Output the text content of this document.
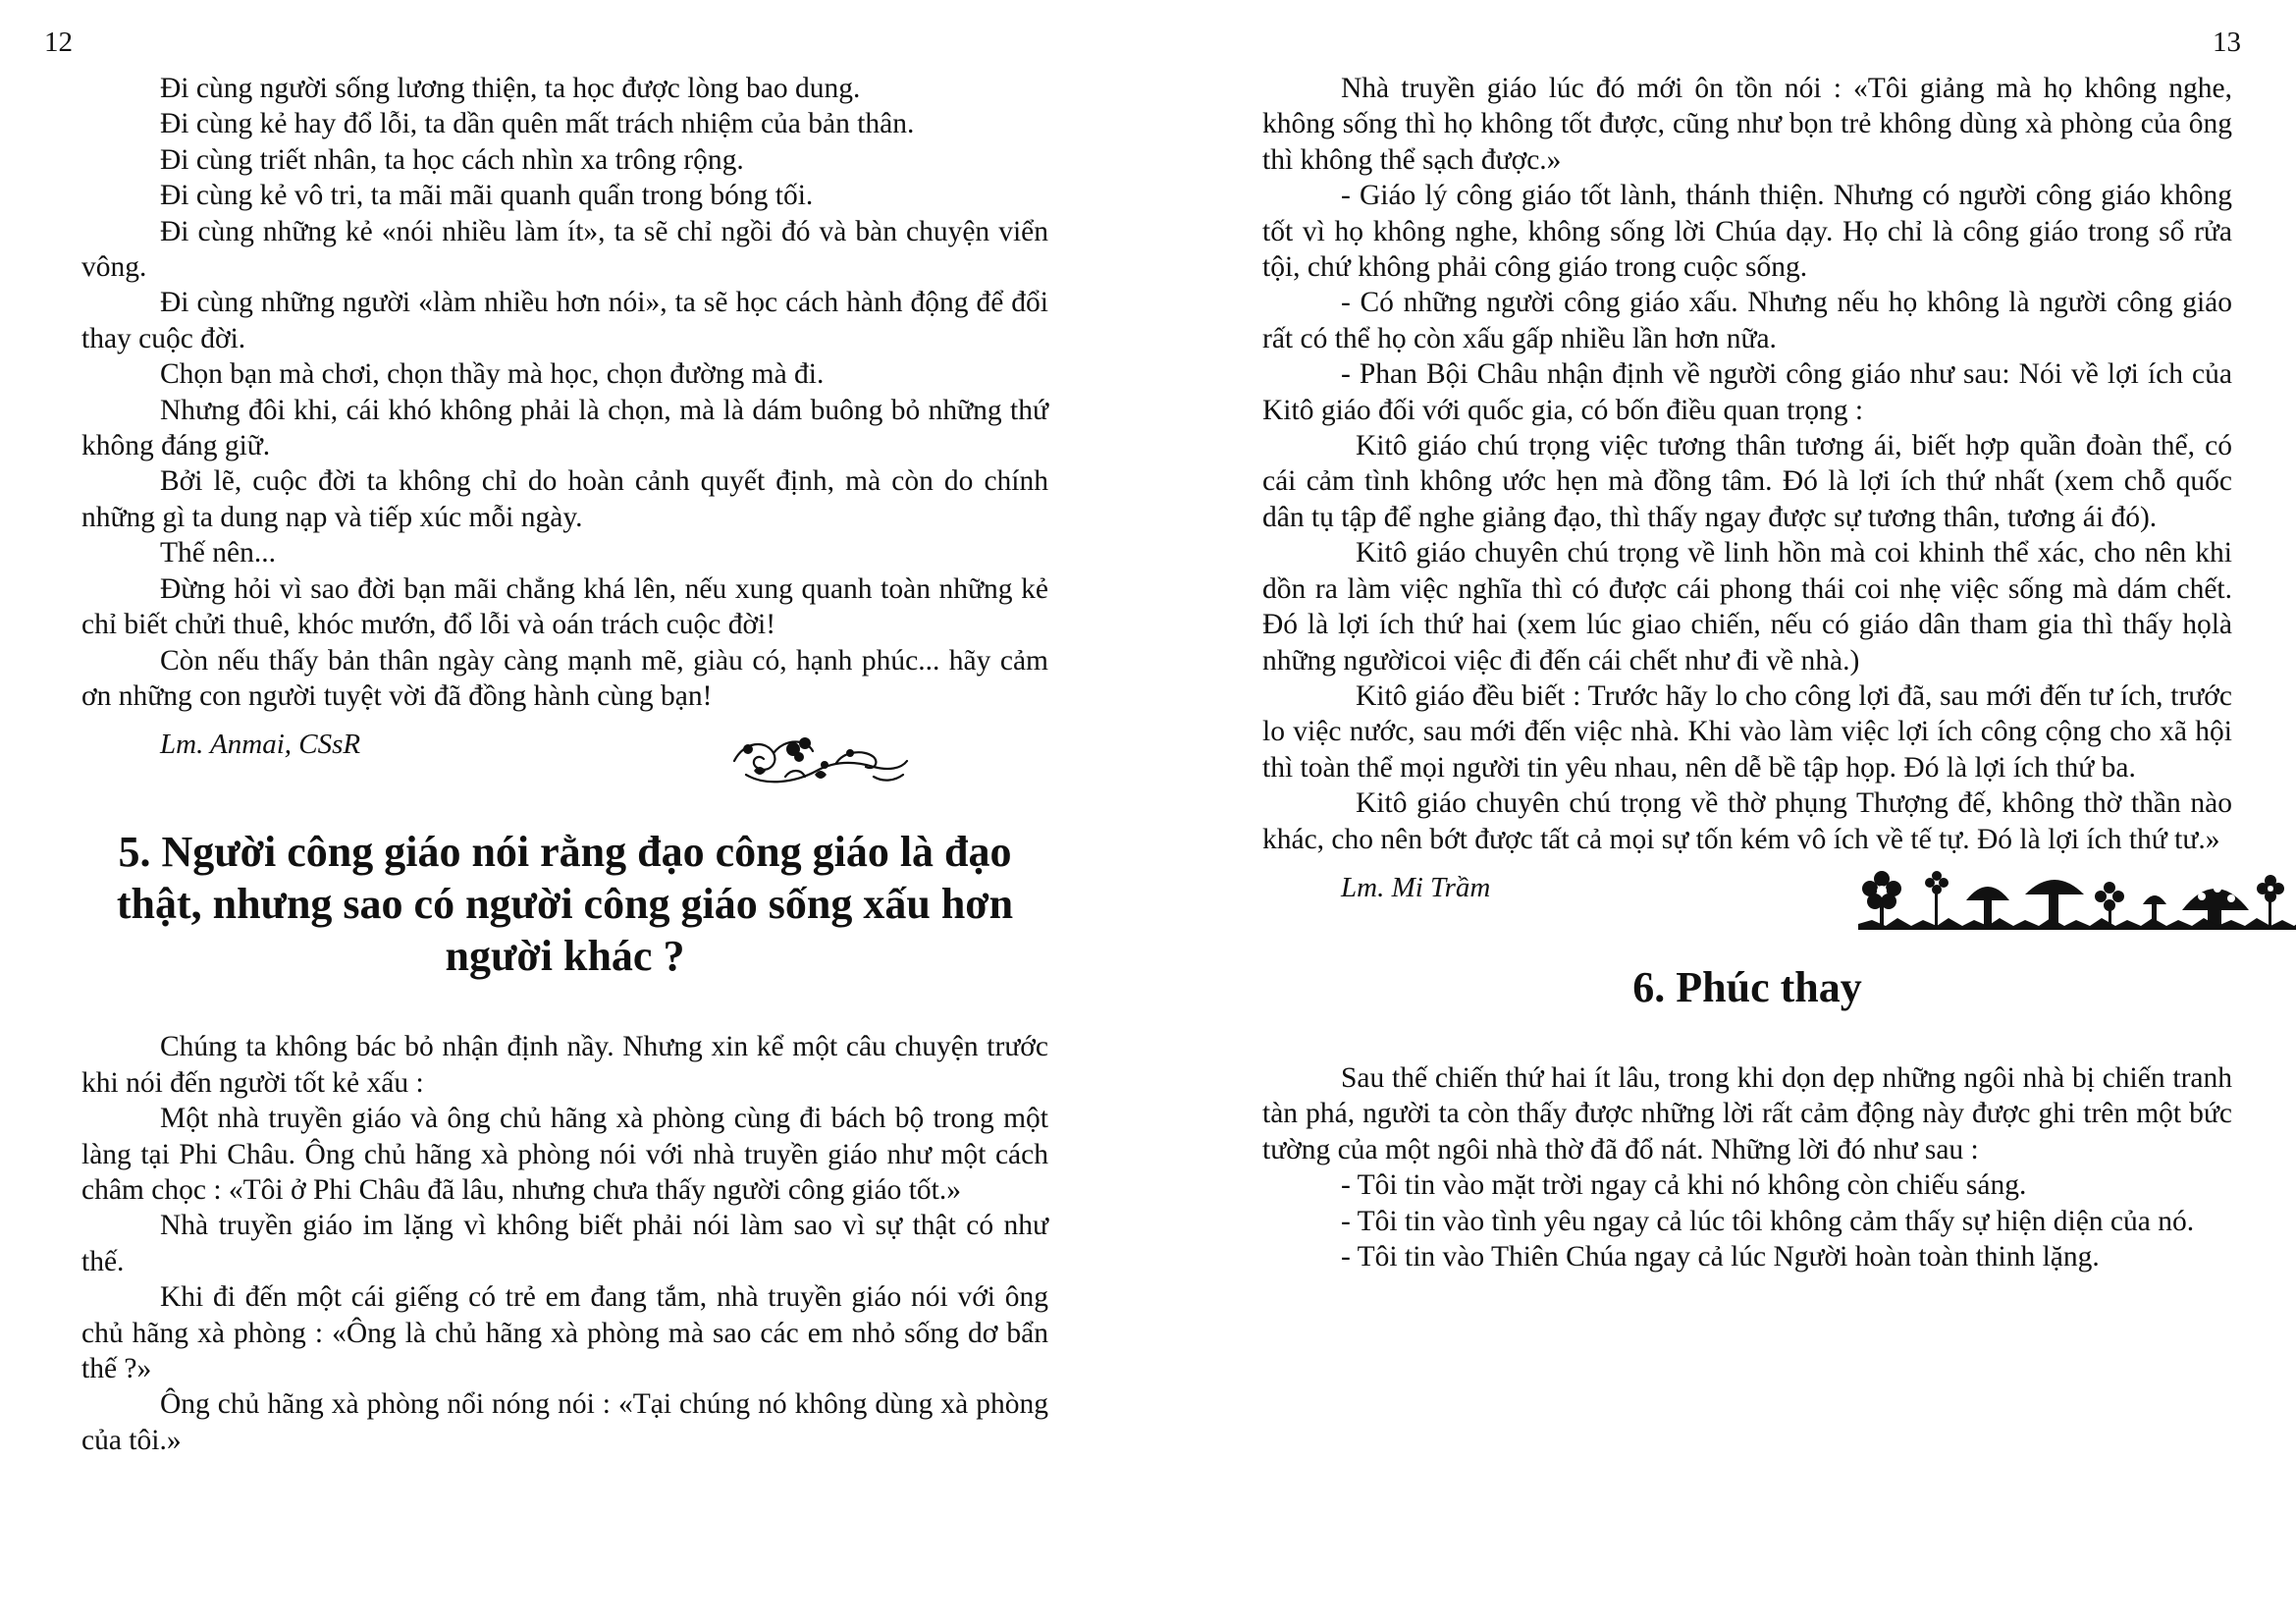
12

Đi cùng người sống lương thiện, ta học được lòng bao dung.

Đi cùng kẻ hay đổ lỗi, ta dần quên mất trách nhiệm của bản thân.

Đi cùng triết nhân, ta học cách nhìn xa trông rộng.

Đi cùng kẻ vô tri, ta mãi mãi quanh quẩn trong bóng tối.

Đi cùng những kẻ «nói nhiều làm ít», ta sẽ chỉ ngồi đó và bàn chuyện viển vông.

Đi cùng những người «làm nhiều hơn nói», ta sẽ học cách hành động để đổi thay cuộc đời.

Chọn bạn mà chơi, chọn thầy mà học, chọn đường mà đi.

Nhưng đôi khi, cái khó không phải là chọn, mà là dám buông bỏ những thứ không đáng giữ.

Bởi lẽ, cuộc đời ta không chỉ do hoàn cảnh quyết định, mà còn do chính những gì ta dung nạp và tiếp xúc mỗi ngày.

Thế nên...

Đừng hỏi vì sao đời bạn mãi chẳng khá lên, nếu xung quanh toàn những kẻ chỉ biết chửi thuê, khóc mướn, đổ lỗi và oán trách cuộc đời!

Còn nếu thấy bản thân ngày càng mạnh mẽ, giàu có, hạnh phúc... hãy cảm ơn những con người tuyệt vời đã đồng hành cùng bạn!

Lm. Anmai, CSsR
5. Người công giáo nói rằng đạo công giáo là đạo thật, nhưng sao có người công giáo sống xấu hơn người khác ?

Chúng ta không bác bỏ nhận định nầy. Nhưng xin kể một câu chuyện trước khi nói đến người tốt kẻ xấu :

Một nhà truyền giáo và ông chủ hãng xà phòng cùng đi bách bộ trong một làng tại Phi Châu. Ông chủ hãng xà phòng nói với nhà truyền giáo như một cách châm chọc : «Tôi ở Phi Châu đã lâu, nhưng chưa thấy người công giáo tốt.»

Nhà truyền giáo im lặng vì không biết phải nói làm sao vì sự thật có như thế.

Khi đi đến một cái giếng có trẻ em đang tắm, nhà truyền giáo nói với ông chủ hãng xà phòng : «Ông là chủ hãng xà phòng mà sao các em nhỏ sống dơ bẩn thế ?»

Ông chủ hãng xà phòng nổi nóng nói : «Tại chúng nó không dùng xà phòng của tôi.»

13

Nhà truyền giáo lúc đó mới ôn tồn nói : «Tôi giảng mà họ không nghe, không sống thì họ không tốt được, cũng như bọn trẻ không dùng xà phòng của ông thì không thể sạch được.»

- Giáo lý công giáo tốt lành, thánh thiện. Nhưng có người công giáo không tốt vì họ không nghe, không sống lời Chúa dạy. Họ chỉ là công giáo trong sổ rửa tội, chứ không phải công giáo trong cuộc sống.

- Có những người công giáo xấu. Nhưng nếu họ không là người công giáo rất có thể họ còn xấu gấp nhiều lần hơn nữa.

- Phan Bội Châu nhận định về người công giáo như sau: Nói về lợi ích của Kitô giáo đối với quốc gia, có bốn điều quan trọng :

Kitô giáo chú trọng việc tương thân tương ái, biết hợp quần đoàn thể, có cái cảm tình không ước hẹn mà đồng tâm. Đó là lợi ích thứ nhất (xem chỗ quốc dân tụ tập để nghe giảng đạo, thì thấy ngay được sự tương thân, tương ái đó).

Kitô giáo chuyên chú trọng về linh hồn mà coi khinh thể xác, cho nên khi dồn ra làm việc nghĩa thì có được cái phong thái coi nhẹ việc sống mà dám chết. Đó là lợi ích thứ hai (xem lúc giao chiến, nếu có giáo dân tham gia thì thấy họlà những ngườicoi việc đi đến cái chết như đi về nhà.)

Kitô giáo đều biết : Trước hãy lo cho công lợi đã, sau mới đến tư ích, trước lo việc nước, sau mới đến việc nhà. Khi vào làm việc lợi ích công cộng cho xã hội thì toàn thể mọi người tin yêu nhau, nên dễ bề tập họp. Đó là lợi ích thứ ba.

Kitô giáo chuyên chú trọng về thờ phụng Thượng đế, không thờ thần nào khác, cho nên bớt được tất cả mọi sự tốn kém vô ích về tế tự. Đó là lợi ích thứ tư.»

Lm. Mi Trầm
6. Phúc thay

Sau thế chiến thứ hai ít lâu, trong khi dọn dẹp những ngôi nhà bị chiến tranh tàn phá, người ta còn thấy được những lời rất cảm động này được ghi trên một bức tường của một ngôi nhà thờ đã đổ nát. Những lời đó như sau :

- Tôi tin vào mặt trời ngay cả khi nó không còn chiếu sáng.

- Tôi tin vào tình yêu ngay cả lúc tôi không cảm thấy sự hiện diện của nó.

- Tôi tin vào Thiên Chúa ngay cả lúc Người hoàn toàn thinh lặng.
